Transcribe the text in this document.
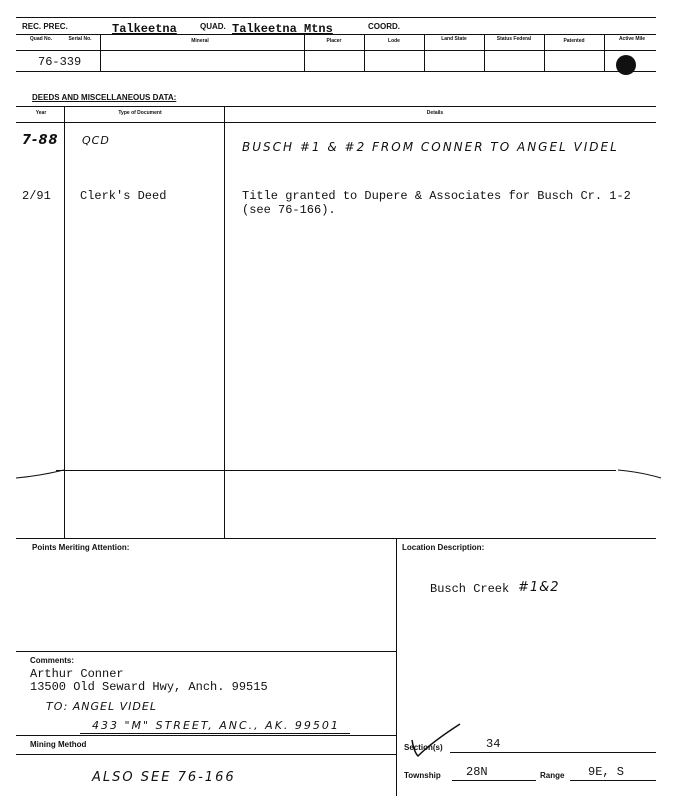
REC. PREC.	Talkeetna	QUAD. Talkeetna Mtns	COORD.
Quad No.	Serial No.	Mineral	Placer	Lode	Land State	Status Federal	Patented	Active Mile
76-339
DEEDS AND MISCELLANEOUS DATA:
Year	Type of Document	Details
7-88 QCD	BUSCH #1 & #2 FROM CONNER TO ANGEL VIDEL
2/91 Clerk's Deed	Title granted to Dupere & Associates for Busch Cr. 1-2
(see 76-166).
Points Meriting Attention:	Location Description:
Busch Creek #1&2
Comments:
Arthur Conner
13500 Old Seward Hwy, Anch. 99515
TO: ANGEL VIDEL
433 "M" STREET, ANC., AK. 99501
Mining Method
ALSO SEE 76-166
Section(s)	34
Township 28N	Range 9E, S
